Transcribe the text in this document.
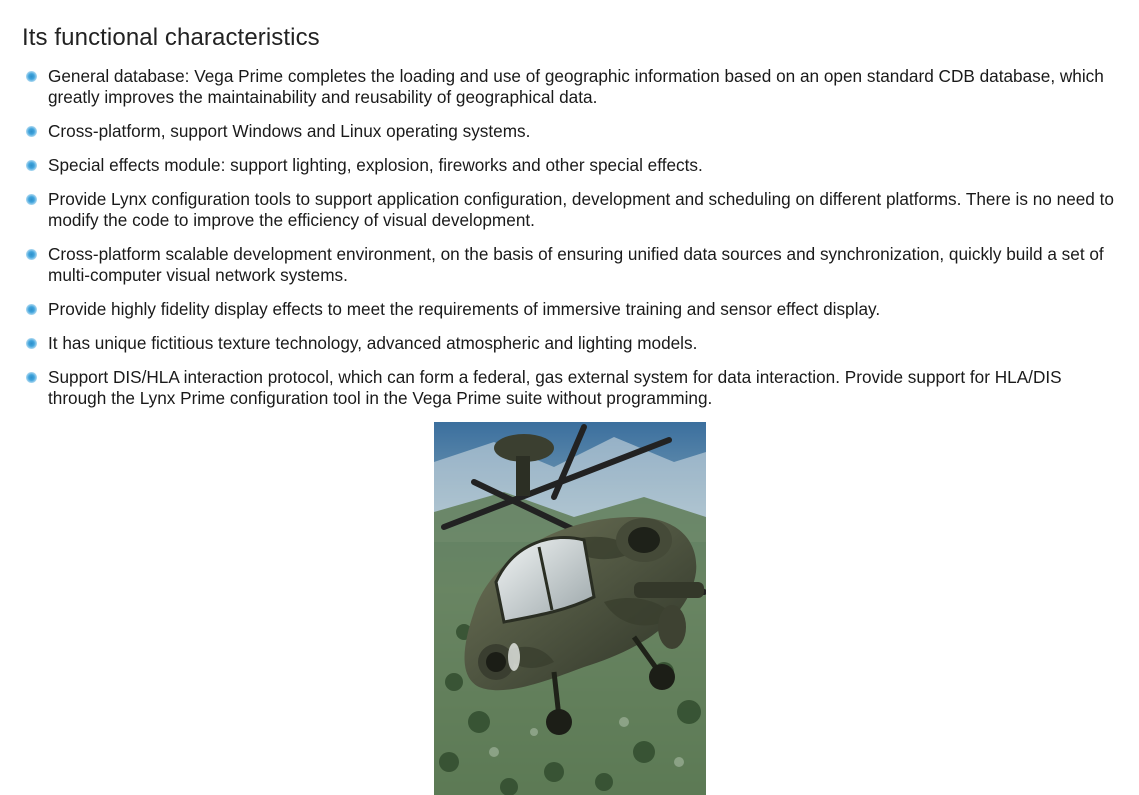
Its functional characteristics
General database: Vega Prime completes the loading and use of geographic information based on an open standard CDB database, which greatly improves the maintainability and reusability of geographical data.
Cross-platform, support Windows and Linux operating systems.
Special effects module: support lighting, explosion, fireworks and other special effects.
Provide Lynx configuration tools to support application configuration, development and scheduling on different platforms. There is no need to modify the code to improve the efficiency of visual development.
Cross-platform scalable development environment, on the basis of ensuring unified data sources and synchronization, quickly build a set of multi-computer visual network systems.
Provide highly fidelity display effects to meet the requirements of immersive training and sensor effect display.
It has unique fictitious texture technology, advanced atmospheric and lighting models.
Support DIS/HLA interaction protocol, which can form a federal, gas external system for data interaction. Provide support for HLA/DIS through the Lynx Prime configuration tool in the Vega Prime suite without programming.
